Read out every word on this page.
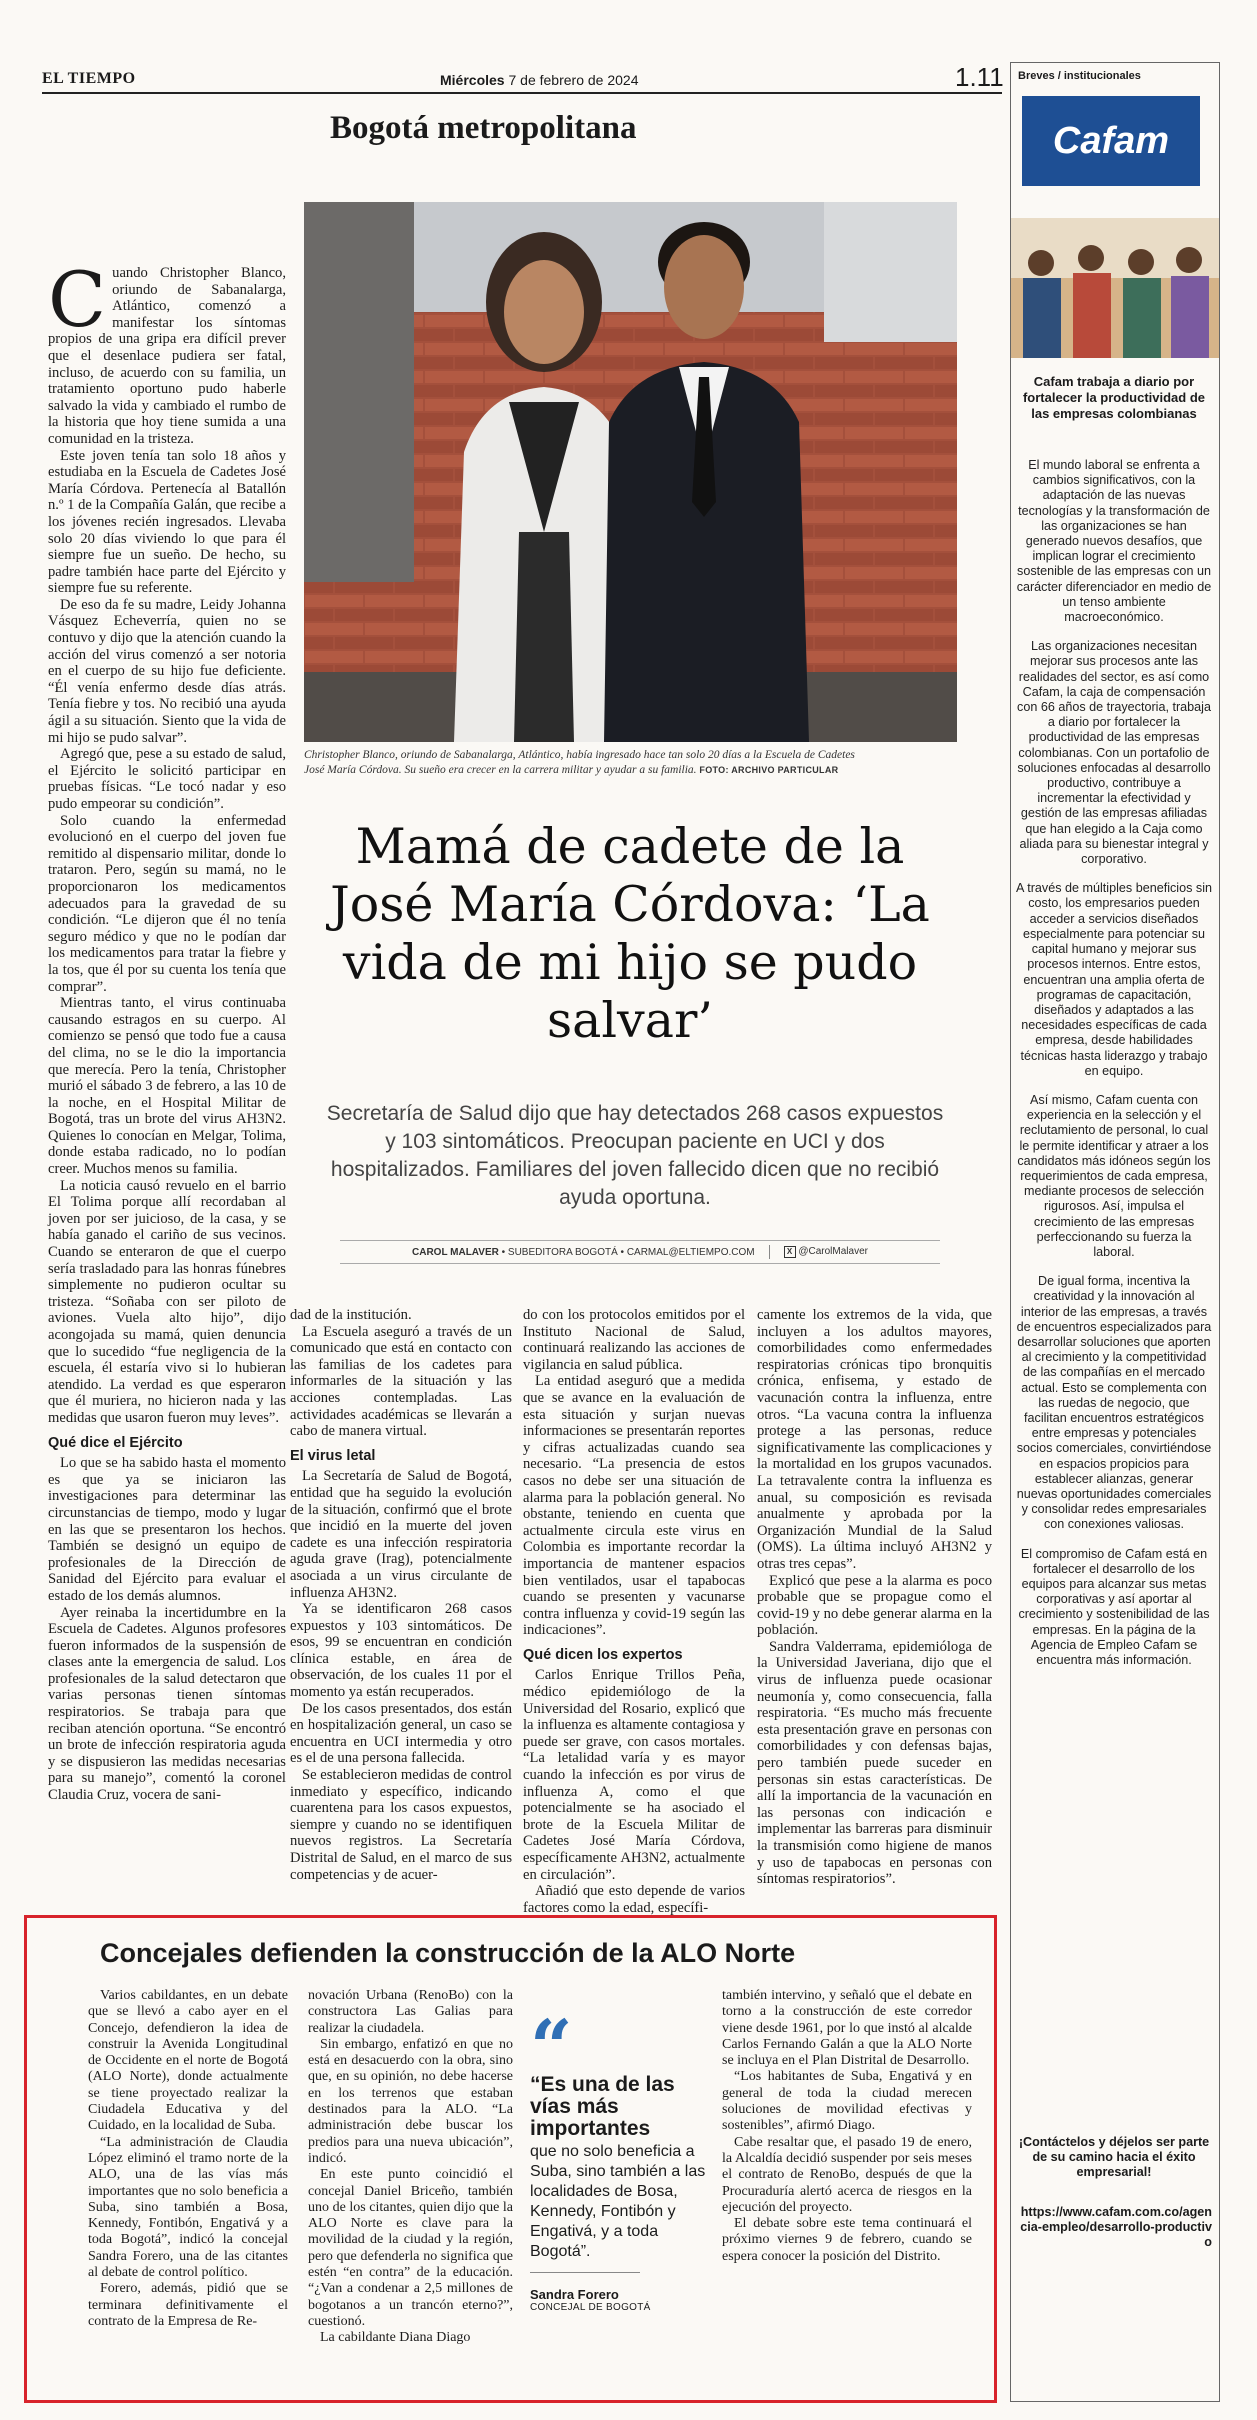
EL TIEMPO	Miércoles 7 de febrero de 2024	1.11
Bogotá metropolitana
Christopher Blanco, oriundo de Sabanalarga, Atlántico, había ingresado hace tan solo 20 días a la Escuela de Cadetes José María Córdova. Su sueño era crecer en la carrera militar y ayudar a su familia. FOTO: ARCHIVO PARTICULAR
Mamá de cadete de la José María Córdova: ‘La vida de mi hijo se pudo salvar’
Secretaría de Salud dijo que hay detectados 268 casos expuestos y 103 sintomáticos. Preocupan paciente en UCI y dos hospitalizados. Familiares del joven fallecido dicen que no recibió ayuda oportuna.
CAROL MALAVER • SUBEDITORA BOGOTÁ • CARMAL@ELTIEMPO.COM	X @CarolMalaver
C uando Christopher Blanco, oriundo de Sabanalarga, Atlántico, comenzó a manifestar los síntomas propios de una gripa era difícil prever que el desenlace pudiera ser fatal, incluso, de acuerdo con su familia, un tratamiento oportuno pudo haberle salvado la vida y cambiado el rumbo de la historia que hoy tiene sumida a una comunidad en la tristeza.

Este joven tenía tan solo 18 años y estudiaba en la Escuela de Cadetes José María Córdova. Pertenecía al Batallón n.º 1 de la Compañía Galán, que recibe a los jóvenes recién ingresados. Llevaba solo 20 días viviendo lo que para él siempre fue un sueño. De hecho, su padre también hace parte del Ejército y siempre fue su referente.

De eso da fe su madre, Leidy Johanna Vásquez Echeverría, quien no se contuvo y dijo que la atención cuando la acción del virus comenzó a ser notoria en el cuerpo de su hijo fue deficiente. “Él venía enfermo desde días atrás. Tenía fiebre y tos. No recibió una ayuda ágil a su situación. Siento que la vida de mi hijo se pudo salvar”.

Agregó que, pese a su estado de salud, el Ejército le solicitó participar en pruebas físicas. “Le tocó nadar y eso pudo empeorar su condición”.

Solo cuando la enfermedad evolucionó en el cuerpo del joven fue remitido al dispensario militar, donde lo trataron. Pero, según su mamá, no le proporcionaron los medicamentos adecuados para la gravedad de su condición. “Le dijeron que él no tenía seguro médico y que no le podían dar los medicamentos para tratar la fiebre y la tos, que él por su cuenta los tenía que comprar”.

Mientras tanto, el virus continuaba causando estragos en su cuerpo. Al comienzo se pensó que todo fue a causa del clima, no se le dio la importancia que merecía. Pero la tenía, Christopher murió el sábado 3 de febrero, a las 10 de la noche, en el Hospital Militar de Bogotá, tras un brote del virus AH3N2. Quienes lo conocían en Melgar, Tolima, donde estaba radicado, no lo podían creer. Muchos menos su familia.

La noticia causó revuelo en el barrio El Tolima porque allí recordaban al joven por ser juicioso, de la casa, y se había ganado el cariño de sus vecinos. Cuando se enteraron de que el cuerpo sería trasladado para las honras fúnebres simplemente no pudieron ocultar su tristeza. “Soñaba con ser piloto de aviones. Vuela alto hijo”, dijo acongojada su mamá, quien denuncia que lo sucedido “fue negligencia de la escuela, él estaría vivo si lo hubieran atendido. La verdad es que esperaron que él muriera, no hicieron nada y las medidas que usaron fueron muy leves”.

Qué dice el Ejército

Lo que se ha sabido hasta el momento es que ya se iniciaron las investigaciones para determinar las circunstancias de tiempo, modo y lugar en las que se presentaron los hechos. También se designó un equipo de profesionales de la Dirección de Sanidad del Ejército para evaluar el estado de los demás alumnos.

Ayer reinaba la incertidumbre en la Escuela de Cadetes. Algunos profesores fueron informados de la suspensión de clases ante la emergencia de salud. Los profesionales de la salud detectaron que varias personas tienen síntomas respiratorios. Se trabaja para que reciban atención oportuna. “Se encontró un brote de infección respiratoria aguda y se dispusieron las medidas necesarias para su manejo”, comentó la coronel Claudia Cruz, vocera de sani-

dad de la institución.

La Escuela aseguró a través de un comunicado que está en contacto con las familias de los cadetes para informarles de la situación y las acciones contempladas. Las actividades académicas se llevarán a cabo de manera virtual.

El virus letal

La Secretaría de Salud de Bogotá, entidad que ha seguido la evolución de la situación, confirmó que el brote que incidió en la muerte del joven cadete es una infección respiratoria aguda grave (Irag), potencialmente asociada a un virus circulante de influenza AH3N2.

Ya se identificaron 268 casos expuestos y 103 sintomáticos. De esos, 99 se encuentran en condición clínica estable, en área de observación, de los cuales 11 por el momento ya están recuperados.

De los casos presentados, dos están en hospitalización general, un caso se encuentra en UCI intermedia y otro es el de una persona fallecida.

Se establecieron medidas de control inmediato y específico, indicando cuarentena para los casos expuestos, siempre y cuando no se identifiquen nuevos registros. La Secretaría Distrital de Salud, en el marco de sus competencias y de acuer-

do con los protocolos emitidos por el Instituto Nacional de Salud, continuará realizando las acciones de vigilancia en salud pública.

La entidad aseguró que a medida que se avance en la evaluación de esta situación y surjan nuevas informaciones se presentarán reportes y cifras actualizadas cuando sea necesario. “La presencia de estos casos no debe ser una situación de alarma para la población general. No obstante, teniendo en cuenta que actualmente circula este virus en Colombia es importante recordar la importancia de mantener espacios bien ventilados, usar el tapabocas cuando se presenten y vacunarse contra influenza y covid-19 según las indicaciones”.

Qué dicen los expertos

Carlos Enrique Trillos Peña, médico epidemiólogo de la Universidad del Rosario, explicó que la influenza es altamente contagiosa y puede ser grave, con casos mortales. “La letalidad varía y es mayor cuando la infección es por virus de influenza A, como el que potencialmente se ha asociado el brote de la Escuela Militar de Cadetes José María Córdova, específicamente AH3N2, actualmente en circulación”.

Añadió que esto depende de varios factores como la edad, específi-

camente los extremos de la vida, que incluyen a los adultos mayores, comorbilidades como enfermedades respiratorias crónicas tipo bronquitis crónica, enfisema, y estado de vacunación contra la influenza, entre otros. “La vacuna contra la influenza protege a las personas, reduce significativamente las complicaciones y la mortalidad en los grupos vacunados. La tetravalente contra la influenza es anual, su composición es revisada anualmente y aprobada por la Organización Mundial de la Salud (OMS). La última incluyó AH3N2 y otras tres cepas”.

Explicó que pese a la alarma es poco probable que se propague como el covid-19 y no debe generar alarma en la población.

Sandra Valderrama, epidemióloga de la Universidad Javeriana, dijo que el virus de influenza puede ocasionar neumonía y, como consecuencia, falla respiratoria. “Es mucho más frecuente esta presentación grave en personas con comorbilidades y con defensas bajas, pero también puede suceder en personas sin estas características. De allí la importancia de la vacunación en las personas con indicación e implementar las barreras para disminuir la transmisión como higiene de manos y uso de tapabocas en personas con síntomas respiratorios”.

Concejales defienden la construcción de la ALO Norte

Varios cabildantes, en un debate que se llevó a cabo ayer en el Concejo, defendieron la idea de construir la Avenida Longitudinal de Occidente en el norte de Bogotá (ALO Norte), donde actualmente se tiene proyectado realizar la Ciudadela Educativa y del Cuidado, en la localidad de Suba.

“La administración de Claudia López eliminó el tramo norte de la ALO, una de las vías más importantes que no solo beneficia a Suba, sino también a Bosa, Kennedy, Fontibón, Engativá y a toda Bogotá”, indicó la concejal Sandra Forero, una de las citantes al debate de control político.

Forero, además, pidió que se terminara definitivamente el contrato de la Empresa de Re-

novación Urbana (RenoBo) con la constructora Las Galias para realizar la ciudadela.

Sin embargo, enfatizó en que no está en desacuerdo con la obra, sino que, en su opinión, no debe hacerse en los terrenos que estaban destinados para la ALO. “La administración debe buscar los predios para una nueva ubicación”, indicó.

En este punto coincidió el concejal Daniel Briceño, también uno de los citantes, quien dijo que la ALO Norte es clave para la movilidad de la ciudad y la región, pero que defenderla no significa que estén “en contra” de la educación. “¿Van a condenar a 2,5 millones de bogotanos a un trancón eterno?”, cuestionó.

La cabildante Diana Diago

“
“Es una de las vías más importantes
que no solo beneficia a Suba, sino también a las localidades de Bosa, Kennedy, Fontibón y Engativá, y a toda Bogotá”.
Sandra Forero
CONCEJAL DE BOGOTÁ

también intervino, y señaló que el debate en torno a la construcción de este corredor viene desde 1961, por lo que instó al alcalde Carlos Fernando Galán a que la ALO Norte se incluya en el Plan Distrital de Desarrollo.

“Los habitantes de Suba, Engativá y en general de toda la ciudad merecen soluciones de movilidad efectivas y sostenibles”, afirmó Diago.

Cabe resaltar que, el pasado 19 de enero, la Alcaldía decidió suspender por seis meses el contrato de RenoBo, después de que la Procuraduría alertó acerca de riesgos en la ejecución del proyecto.

El debate sobre este tema continuará el próximo viernes 9 de febrero, cuando se espera conocer la posición del Distrito.

Breves / institucionales
Cafam
Cafam trabaja a diario por fortalecer la productividad de las empresas colombianas

El mundo laboral se enfrenta a cambios significativos, con la adaptación de las nuevas tecnologías y la transformación de las organizaciones se han generado nuevos desafíos, que implican lograr el crecimiento sostenible de las empresas con un carácter diferenciador en medio de un tenso ambiente macroeconómico.

Las organizaciones necesitan mejorar sus procesos ante las realidades del sector, es así como Cafam, la caja de compensación con 66 años de trayectoria, trabaja a diario por fortalecer la productividad de las empresas colombianas. Con un portafolio de soluciones enfocadas al desarrollo productivo, contribuye a incrementar la efectividad y gestión de las empresas afiliadas que han elegido a la Caja como aliada para su bienestar integral y corporativo.

A través de múltiples beneficios sin costo, los empresarios pueden acceder a servicios diseñados especialmente para potenciar su capital humano y mejorar sus procesos internos. Entre estos, encuentran una amplia oferta de programas de capacitación, diseñados y adaptados a las necesidades específicas de cada empresa, desde habilidades técnicas hasta liderazgo y trabajo en equipo.

Así mismo, Cafam cuenta con experiencia en la selección y el reclutamiento de personal, lo cual le permite identificar y atraer a los candidatos más idóneos según los requerimientos de cada empresa, mediante procesos de selección rigurosos. Así, impulsa el crecimiento de las empresas perfeccionando su fuerza la laboral.

De igual forma, incentiva la creatividad y la innovación al interior de las empresas, a través de encuentros especializados para desarrollar soluciones que aporten al crecimiento y la competitividad de las compañías en el mercado actual. Esto se complementa con las ruedas de negocio, que facilitan encuentros estratégicos entre empresas y potenciales socios comerciales, convirtiéndose en espacios propicios para establecer alianzas, generar nuevas oportunidades comerciales y consolidar redes empresariales con conexiones valiosas.

El compromiso de Cafam está en fortalecer el desarrollo de los equipos para alcanzar sus metas corporativas y así aportar al crecimiento y sostenibilidad de las empresas. En la página de la Agencia de Empleo Cafam se encuentra más información.

¡Contáctelos y déjelos ser parte de su camino hacia el éxito empresarial!
https://www.cafam.com.co/agencia-empleo/desarrollo-productivo
